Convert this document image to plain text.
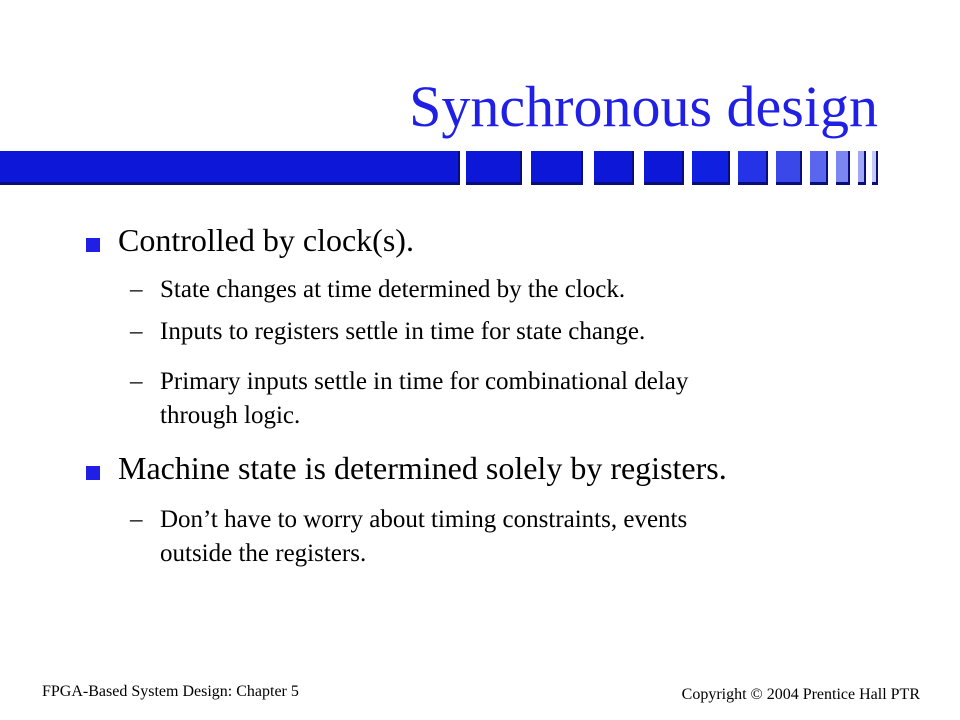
Synchronous design
Controlled by clock(s).
– State changes at time determined by the clock.
– Inputs to registers settle in time for state change.
– Primary inputs settle in time for combinational delay
through logic.
Machine state is determined solely by registers.
– Don’t have to worry about timing constraints, events
outside the registers.
FPGA-Based System Design: Chapter 5	Copyright © 2004 Prentice Hall PTR
